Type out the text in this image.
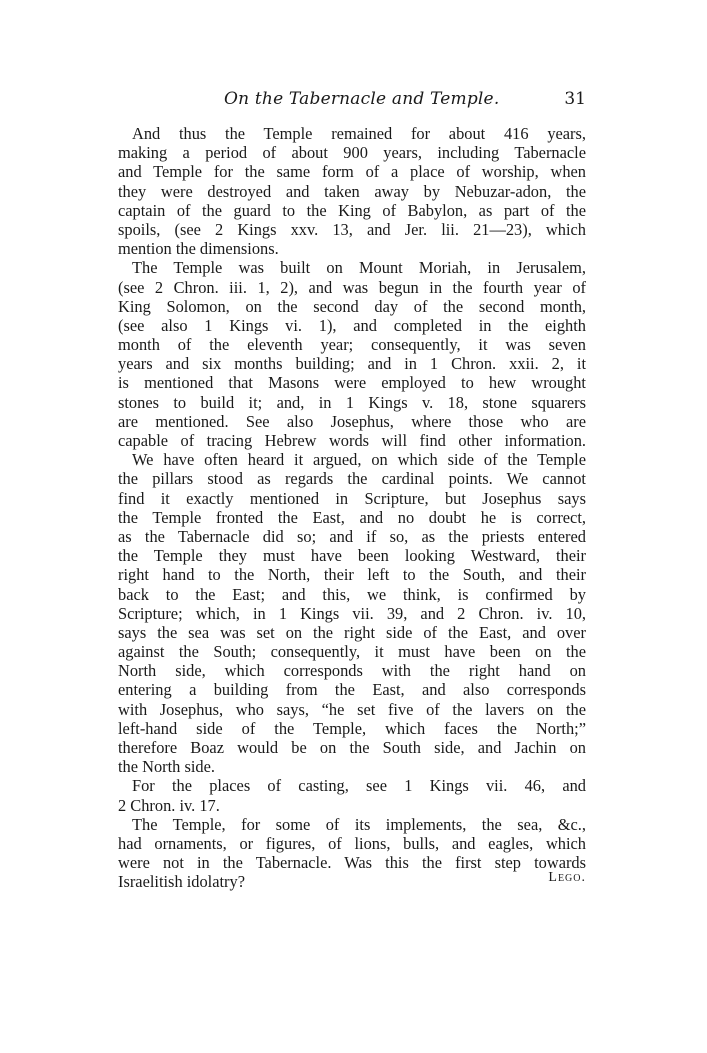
On the Tabernacle and Temple.	31
And thus the Temple remained for about 416 years,
making a period of about 900 years, including Tabernacle
and Temple for the same form of a place of worship, when
they were destroyed and taken away by Nebuzar-adon, the
captain of the guard to the King of Babylon, as part of the
spoils, (see 2 Kings xxv. 13, and Jer. lii. 21—23), which
mention the dimensions.
The Temple was built on Mount Moriah, in Jerusalem,
(see 2 Chron. iii. 1, 2), and was begun in the fourth year of
King Solomon, on the second day of the second month,
(see also 1 Kings vi. 1), and completed in the eighth
month of the eleventh year; consequently, it was seven
years and six months building; and in 1 Chron. xxii. 2, it
is mentioned that Masons were employed to hew wrought
stones to build it; and, in 1 Kings v. 18, stone squarers
are mentioned. See also Josephus, where those who are
capable of tracing Hebrew words will find other information.
We have often heard it argued, on which side of the Temple
the pillars stood as regards the cardinal points. We cannot
find it exactly mentioned in Scripture, but Josephus says
the Temple fronted the East, and no doubt he is correct,
as the Tabernacle did so; and if so, as the priests entered
the Temple they must have been looking Westward, their
right hand to the North, their left to the South, and their
back to the East; and this, we think, is confirmed by
Scripture; which, in 1 Kings vii. 39, and 2 Chron. iv. 10,
says the sea was set on the right side of the East, and over
against the South; consequently, it must have been on the
North side, which corresponds with the right hand on
entering a building from the East, and also corresponds
with Josephus, who says, “he set five of the lavers on the
left-hand side of the Temple, which faces the North;”
therefore Boaz would be on the South side, and Jachin on
the North side.
For the places of casting, see 1 Kings vii. 46, and
2 Chron. iv. 17.
The Temple, for some of its implements, the sea, &c.,
had ornaments, or figures, of lions, bulls, and eagles, which
were not in the Tabernacle. Was this the first step towards
Israelitish idolatry?	Lego.
